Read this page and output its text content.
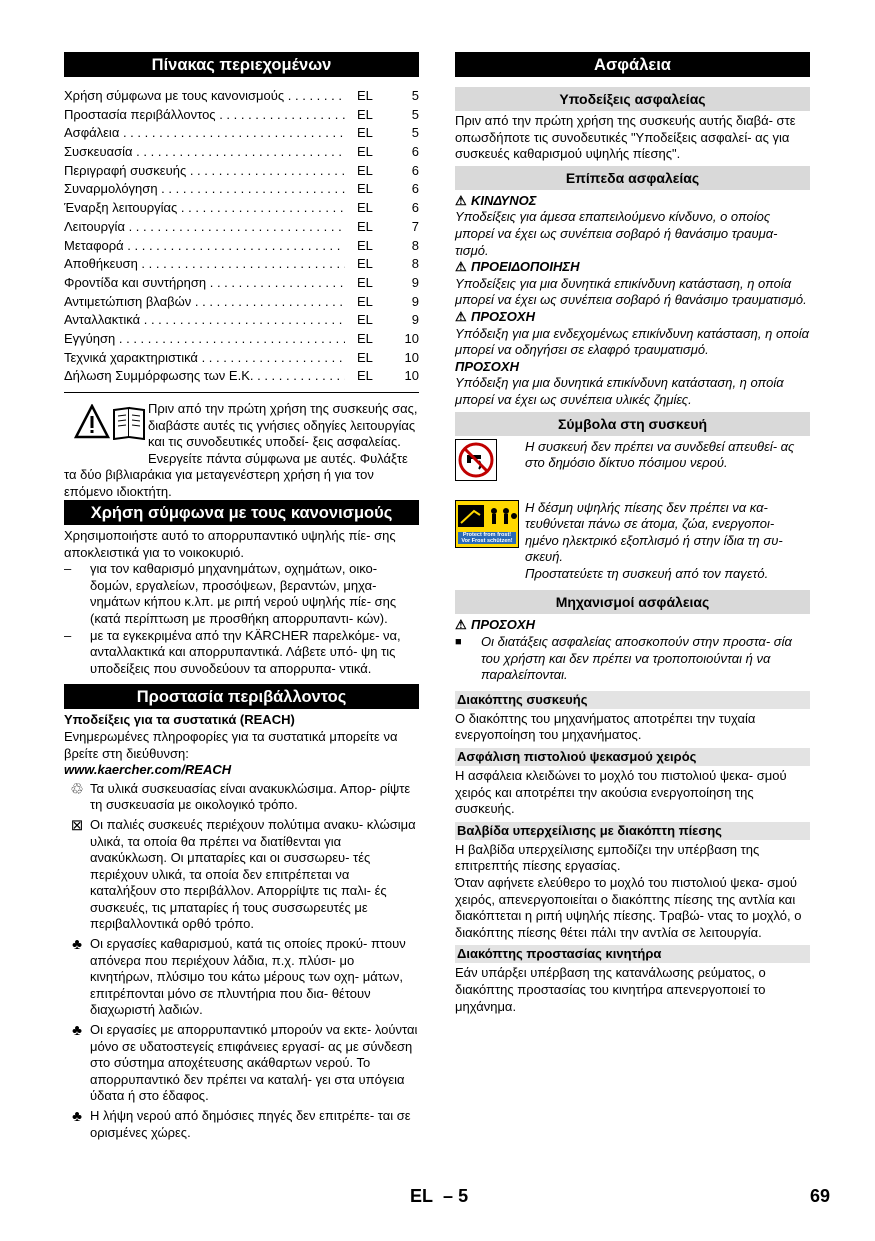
Πίνακας περιεχομένων
Χρήση σύμφωνα με τους κανονισμούς . . .	EL	5
Προστασία περιβάλλοντος . . .	EL	5
Ασφάλεια . . .	EL	5
Συσκευασία . . .	EL	6
Περιγραφή συσκευής . . .	EL	6
Συναρμολόγηση . . .	EL	6
Έναρξη λειτουργίας . . .	EL	6
Λειτουργία . . .	EL	7
Μεταφορά . . .	EL	8
Αποθήκευση . . .	EL	8
Φροντίδα και συντήρηση . . .	EL	9
Αντιμετώπιση βλαβών . . .	EL	9
Ανταλλακτικά . . .	EL	9
Εγγύηση . . .	EL	10
Τεχνικά χαρακτηριστικά . . .	EL	10
Δήλωση Συμμόρφωσης των Ε.Κ. . . .	EL	10

Πριν από την πρώτη χρήση της συσκευής σας, διαβάστε αυτές τις γνήσιες οδηγίες λειτουργίας και τις συνοδευτικές υποδεί- ξεις ασφαλείας. Ενεργείτε πάντα σύμφωνα με αυτές. Φυλάξτε τα δύο βιβλιαράκια για μεταγενέστερη χρήση ή για τον επόμενο ιδιοκτήτη.

Χρήση σύμφωνα με τους κανονισμούς

Χρησιμοποιήστε αυτό το απορρυπαντικό υψηλής πίε- σης αποκλειστικά για το νοικοκυριό.

–	για τον καθαρισμό μηχανημάτων, οχημάτων, οικο- δομών, εργαλείων, προσόψεων, βεραντών, μηχα- νημάτων κήπου κ.λπ. με ριπή νερού υψηλής πίε- σης (κατά περίπτωση με προσθήκη απορρυπαντι- κών).
–	με τα εγκεκριμένα από την KÄRCHER παρελκόμε- να, ανταλλακτικά και απορρυπαντικά. Λάβετε υπό- ψη τις υποδείξεις που συνοδεύουν τα απορρυπα- ντικά.
Προστασία περιβάλλοντος

Υποδείξεις για τα συστατικά (REACH)

Ενημερωμένες πληροφορίες για τα συστατικά μπορείτε να βρείτε στη διεύθυνση:

www.kaercher.com/REACH

♲ Τα υλικά συσκευασίας είναι ανακυκλώσιμα. Απορ- ρίψτε τη συσκευασία με οικολογικό τρόπο.
⊠ Οι παλιές συσκευές περιέχουν πολύτιμα ανακυ- κλώσιμα υλικά, τα οποία θα πρέπει να διατίθενται για ανακύκλωση. Οι μπαταρίες και οι συσσωρευ- τές περιέχουν υλικά, τα οποία δεν επιτρέπεται να καταλήξουν στο περιβάλλον. Απορρίψτε τις παλι- ές συσκευές, τις μπαταρίες ή τους συσσωρευτές με περιβαλλοντικά ορθό τρόπο.
♣ Οι εργασίες καθαρισμού, κατά τις οποίες προκύ- πτουν απόνερα που περιέχουν λάδια, π.χ. πλύσι- μο κινητήρων, πλύσιμο του κάτω μέρους των οχη- μάτων, επιτρέπονται μόνο σε πλυντήρια που δια- θέτουν διαχωριστή λαδιών.
♣ Οι εργασίες με απορρυπαντικό μπορούν να εκτε- λούνται μόνο σε υδατοστεγείς επιφάνειες εργασί- ας με σύνδεση στο σύστημα αποχέτευσης ακάθαρτων νερού. Το απορρυπαντικό δεν πρέπει να καταλή- γει στα υπόγεια ύδατα ή στο έδαφος.
♣ Η λήψη νερού από δημόσιες πηγές δεν επιτρέπε- ται σε ορισμένες χώρες.
Ασφάλεια
Υποδείξεις ασφαλείας

Πριν από την πρώτη χρήση της συσκευής αυτής διαβά- στε οπωσδήποτε τις συνοδευτικές "Υποδείξεις ασφαλεί- ας για συσκευές καθαρισμού υψηλής πίεσης".

Επίπεδα ασφαλείας

⚠ ΚΙΝΔΥΝΟΣ

Υποδείξεις για άμεσα επαπειλούμενο κίνδυνο, ο οποίος μπορεί να έχει ως συνέπεια σοβαρό ή θανάσιμο τραυμα- τισμό.

⚠ ΠΡΟΕΙΔΟΠΟΙΗΣΗ

Υποδείξεις για μια δυνητικά επικίνδυνη κατάσταση, η οποία μπορεί να έχει ως συνέπεια σοβαρό ή θανάσιμο τραυματισμό.

⚠ ΠΡΟΣΟΧΗ

Υπόδειξη για μια ενδεχομένως επικίνδυνη κατάσταση, η οποία μπορεί να οδηγήσει σε ελαφρό τραυματισμό.

ΠΡΟΣΟΧΗ

Υπόδειξη για μια δυνητικά επικίνδυνη κατάσταση, η οποία μπορεί να έχει ως συνέπεια υλικές ζημίες.

Σύμβολα στη συσκευή

Η συσκευή δεν πρέπει να συνδεθεί απευθεί- ας στο δημόσιο δίκτυο πόσιμου νερού.

Protect from frost!
Vor Frost schützen!

Η δέσμη υψηλής πίεσης δεν πρέπει να κα- τευθύνεται πάνω σε άτομα, ζώα, ενεργοποι- ημένο ηλεκτρικό εξοπλισμό ή στην ίδια τη συ- σκευή.

Προστατεύετε τη συσκευή από τον παγετό.

Μηχανισμοί ασφάλειας

⚠ ΠΡΟΣΟΧΗ

■	Οι διατάξεις ασφαλείας αποσκοπούν στην προστα- σία του χρήστη και δεν πρέπει να τροποποιούνται ή να παραλείπονται.
Διακόπτης συσκευής

Ο διακόπτης του μηχανήματος αποτρέπει την τυχαία ενεργοποίηση του μηχανήματος.

Ασφάλιση πιστολιού ψεκασμού χειρός

Η ασφάλεια κλειδώνει το μοχλό του πιστολιού ψεκα- σμού χειρός και αποτρέπει την ακούσια ενεργοποίηση της συσκευής.

Βαλβίδα υπερχείλισης με διακόπτη πίεσης

Η βαλβίδα υπερχείλισης εμποδίζει την υπέρβαση της επιτρεπτής πίεσης εργασίας.

Όταν αφήνετε ελεύθερο το μοχλό του πιστολιού ψεκα- σμού χειρός, απενεργοποιείται ο διακόπτης πίεσης της αντλία και διακόπτεται η ριπή υψηλής πίεσης. Τραβώ- ντας το μοχλό, ο διακόπτης πίεσης θέτει πάλι την αντλία σε λειτουργία.

Διακόπτης προστασίας κινητήρα

Εάν υπάρξει υπέρβαση της κατανάλωσης ρεύματος, ο διακόπτης προστασίας του κινητήρα απενεργοποιεί το μηχάνημα.

EL – 5	69
